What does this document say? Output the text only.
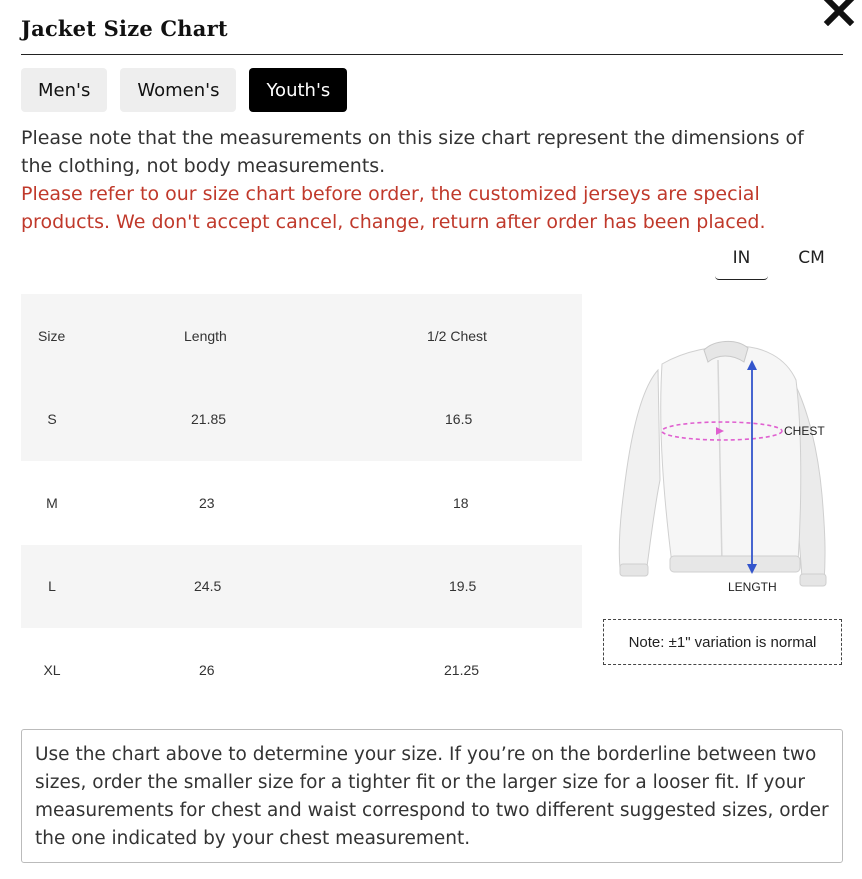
Jacket Size Chart
Men's	Women's	Youth's
Please note that the measurements on this size chart represent the dimensions of the clothing, not body measurements.
Please refer to our size chart before order, the customized jerseys are special products. We don't accept cancel, change, return after order has been placed.
IN	CM
Size	Length	1/2 Chest
S	21.85	16.5
M	23	18
L	24.5	19.5
XL	26	21.25
CHEST
LENGTH
Note: ±1" variation is normal
Use the chart above to determine your size. If you’re on the borderline between two sizes, order the smaller size for a tighter fit or the larger size for a looser fit. If your measurements for chest and waist correspond to two different suggested sizes, order the one indicated by your chest measurement.
